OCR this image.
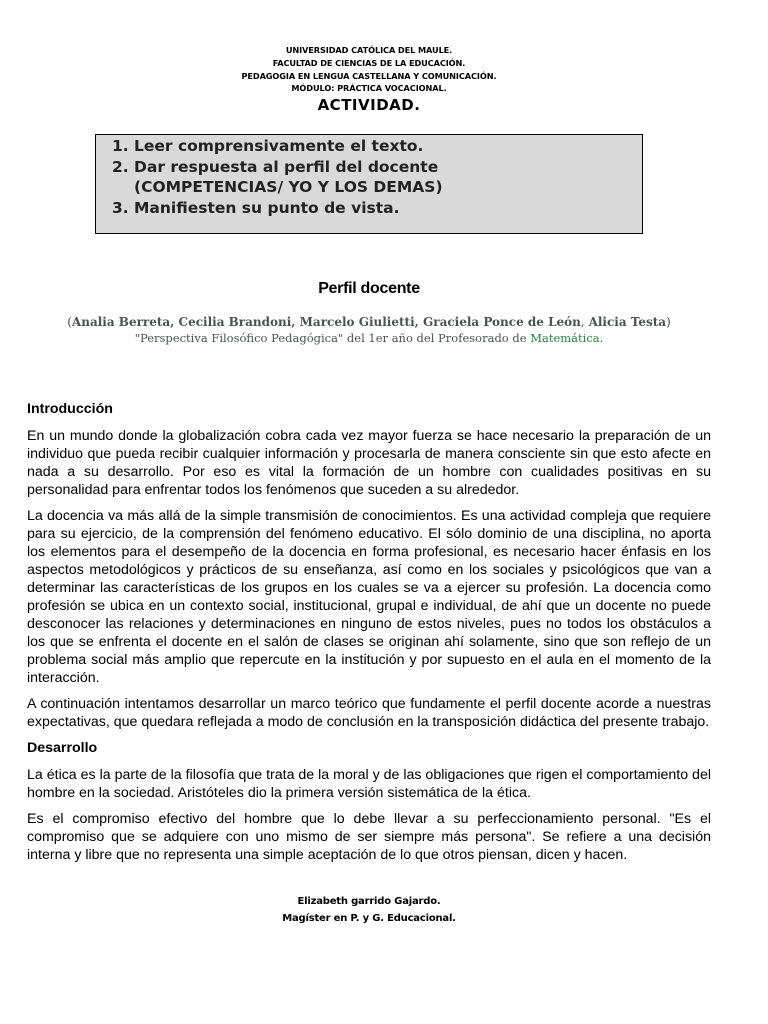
UNIVERSIDAD CATÓLICA DEL MAULE.
FACULTAD DE CIENCIAS DE LA EDUCACIÓN.
PEDAGOGIA EN LENGUA CASTELLANA Y COMUNICACIÓN.
MÓDULO: PRÁCTICA VOCACIONAL.
ACTIVIDAD.
1. Leer comprensivamente el texto.
2. Dar respuesta al perfil del docente
(COMPETENCIAS/ YO Y LOS DEMAS)
3. Manifiesten su punto de vista.
Perfil docente
(Analia Berreta, Cecilia Brandoni, Marcelo Giulietti, Graciela Ponce de León, Alicia Testa)
"Perspectiva Filosófico Pedagógica" del 1er año del Profesorado de Matemática.
Introducción

En un mundo donde la globalización cobra cada vez mayor fuerza se hace necesario la preparación de un individuo que pueda recibir cualquier información y procesarla de manera consciente sin que esto afecte en nada a su desarrollo. Por eso es vital la formación de un hombre con cualidades positivas en su personalidad para enfrentar todos los fenómenos que suceden a su alrededor.

La docencia va más allá de la simple transmisión de conocimientos. Es una actividad compleja que requiere para su ejercicio, de la comprensión del fenómeno educativo. El sólo dominio de una disciplina, no aporta los elementos para el desempeño de la docencia en forma profesional, es necesario hacer énfasis en los aspectos metodológicos y prácticos de su enseñanza, así como en los sociales y psicológicos que van a determinar las características de los grupos en los cuales se va a ejercer su profesión. La docencia como profesión se ubica en un contexto social, institucional, grupal e individual, de ahí que un docente no puede desconocer las relaciones y determinaciones en ninguno de estos niveles, pues no todos los obstáculos a los que se enfrenta el docente en el salón de clases se originan ahí solamente, sino que son reflejo de un problema social más amplio que repercute en la institución y por supuesto en el aula en el momento de la interacción.

A continuación intentamos desarrollar un marco teórico que fundamente el perfil docente acorde a nuestras expectativas, que quedara reflejada a modo de conclusión en la transposición didáctica del presente trabajo.

Desarrollo

La ética es la parte de la filosofía que trata de la moral y de las obligaciones que rigen el comportamiento del hombre en la sociedad. Aristóteles dio la primera versión sistemática de la ética.

Es el compromiso efectivo del hombre que lo debe llevar a su perfeccionamiento personal. "Es el compromiso que se adquiere con uno mismo de ser siempre más persona". Se refiere a una decisión interna y libre que no representa una simple aceptación de lo que otros piensan, dicen y hacen.

Elizabeth garrido Gajardo.
Magíster en P. y G. Educacional.
